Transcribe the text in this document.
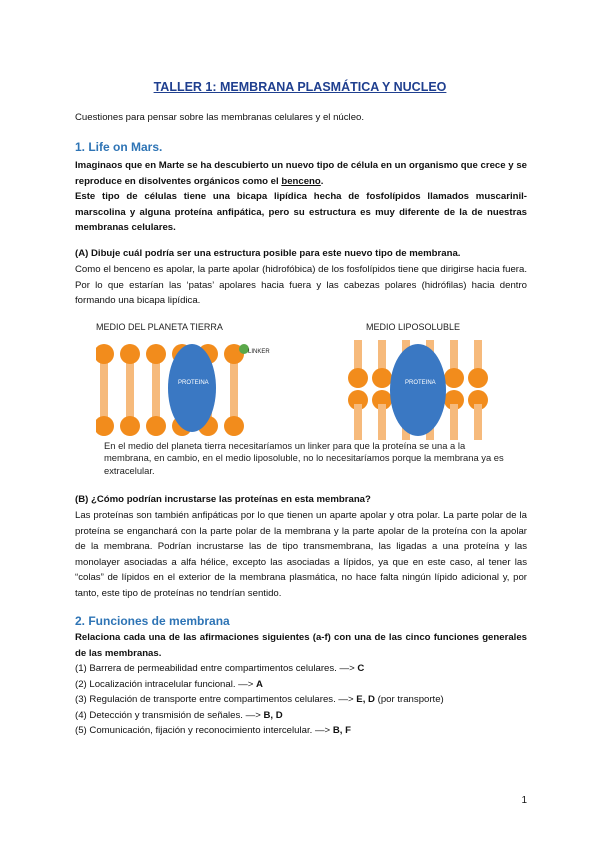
TALLER 1: MEMBRANA PLASMÁTICA Y NUCLEO

Cuestiones para pensar sobre las membranas celulares y el núcleo.

1. Life on Mars.

Imaginaos que en Marte se ha descubierto un nuevo tipo de célula en un organismo que crece y se reproduce en disolventes orgánicos como el benceno.

Este tipo de células tiene una bicapa lipídica hecha de fosfolípidos llamados muscarinil-marscolina y alguna proteína anfipática, pero su estructura es muy diferente de la de nuestras membranas celulares.

(A) Dibuje cuál podría ser una estructura posible para este nuevo tipo de membrana.

Como el benceno es apolar, la parte apolar (hidrofóbica) de los fosfolípidos tiene que dirigirse hacia fuera. Por lo que estarían las ‘patas’ apolares hacia fuera y las cabezas polares (hidrófilas) hacia dentro formando una bicapa lipídica.

MEDIO DEL PLANETA TIERRA	MEDIO LIPOSOLUBLE
LINKER
PROTEINA	PROTEINA
En el medio del planeta tierra necesitaríamos un linker para que la proteína se una a la membrana, en cambio, en el medio liposoluble, no lo necesitaríamos porque la membrana ya es extracelular.

(B) ¿Cómo podrían incrustarse las proteínas en esta membrana?

Las proteínas son también anfipáticas por lo que tienen un aparte apolar y otra polar. La parte polar de la proteína se enganchará con la parte polar de la membrana y la parte apolar de la proteína con la apolar de la membrana. Podrían incrustarse las de tipo transmembrana, las ligadas a una proteína y las monolayer asociadas a alfa hélice, excepto las asociadas a lípidos, ya que en este caso, al tener las “colas” de lípidos en el exterior de la membrana plasmática, no hace falta ningún lípido adicional y, por tanto, este tipo de proteínas no tendrían sentido.

2. Funciones de membrana

Relaciona cada una de las afirmaciones siguientes (a-f) con una de las cinco funciones generales de las membranas.

(1) Barrera de permeabilidad entre compartimentos celulares. —> C
(2) Localización intracelular funcional. —> A
(3) Regulación de transporte entre compartimentos celulares. —> E, D (por transporte)
(4) Detección y transmisión de señales. —> B, D
(5) Comunicación, fijación y reconocimiento intercelular. —> B, F
1
